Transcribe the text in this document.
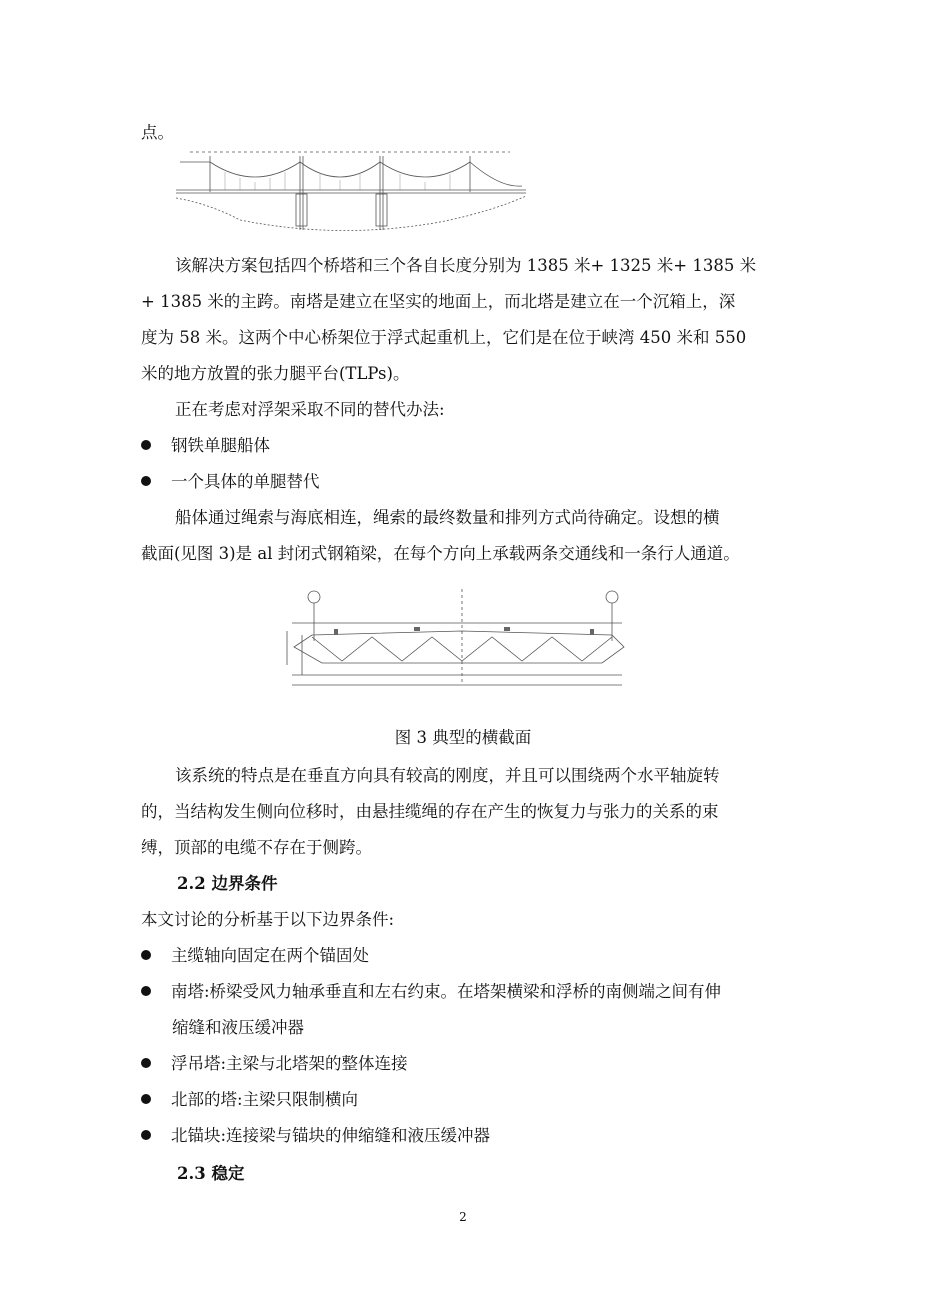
点。

该解决方案包括四个桥塔和三个各自长度分别为 1385 米+ 1325 米+ 1385 米
+ 1385 米的主跨。南塔是建立在坚实的地面上，而北塔是建立在一个沉箱上，深
度为 58 米。这两个中心桥架位于浮式起重机上，它们是在位于峡湾 450 米和 550
米的地方放置的张力腿平台(TLPs)。
正在考虑对浮架采取不同的替代办法:
钢铁单腿船体
一个具体的单腿替代
船体通过绳索与海底相连，绳索的最终数量和排列方式尚待确定。设想的横
截面(见图 3)是 al 封闭式钢箱梁，在每个方向上承载两条交通线和一条行人通道。
图 3 典型的横截面
该系统的特点是在垂直方向具有较高的刚度，并且可以围绕两个水平轴旋转
的，当结构发生侧向位移时，由悬挂缆绳的存在产生的恢复力与张力的关系的束
缚，顶部的电缆不存在于侧跨。
2.2 边界条件
本文讨论的分析基于以下边界条件:
主缆轴向固定在两个锚固处
南塔:桥梁受风力轴承垂直和左右约束。在塔架横梁和浮桥的南侧端之间有伸
缩缝和液压缓冲器
浮吊塔:主梁与北塔架的整体连接
北部的塔:主梁只限制横向
北锚块:连接梁与锚块的伸缩缝和液压缓冲器
2.3 稳定
2
